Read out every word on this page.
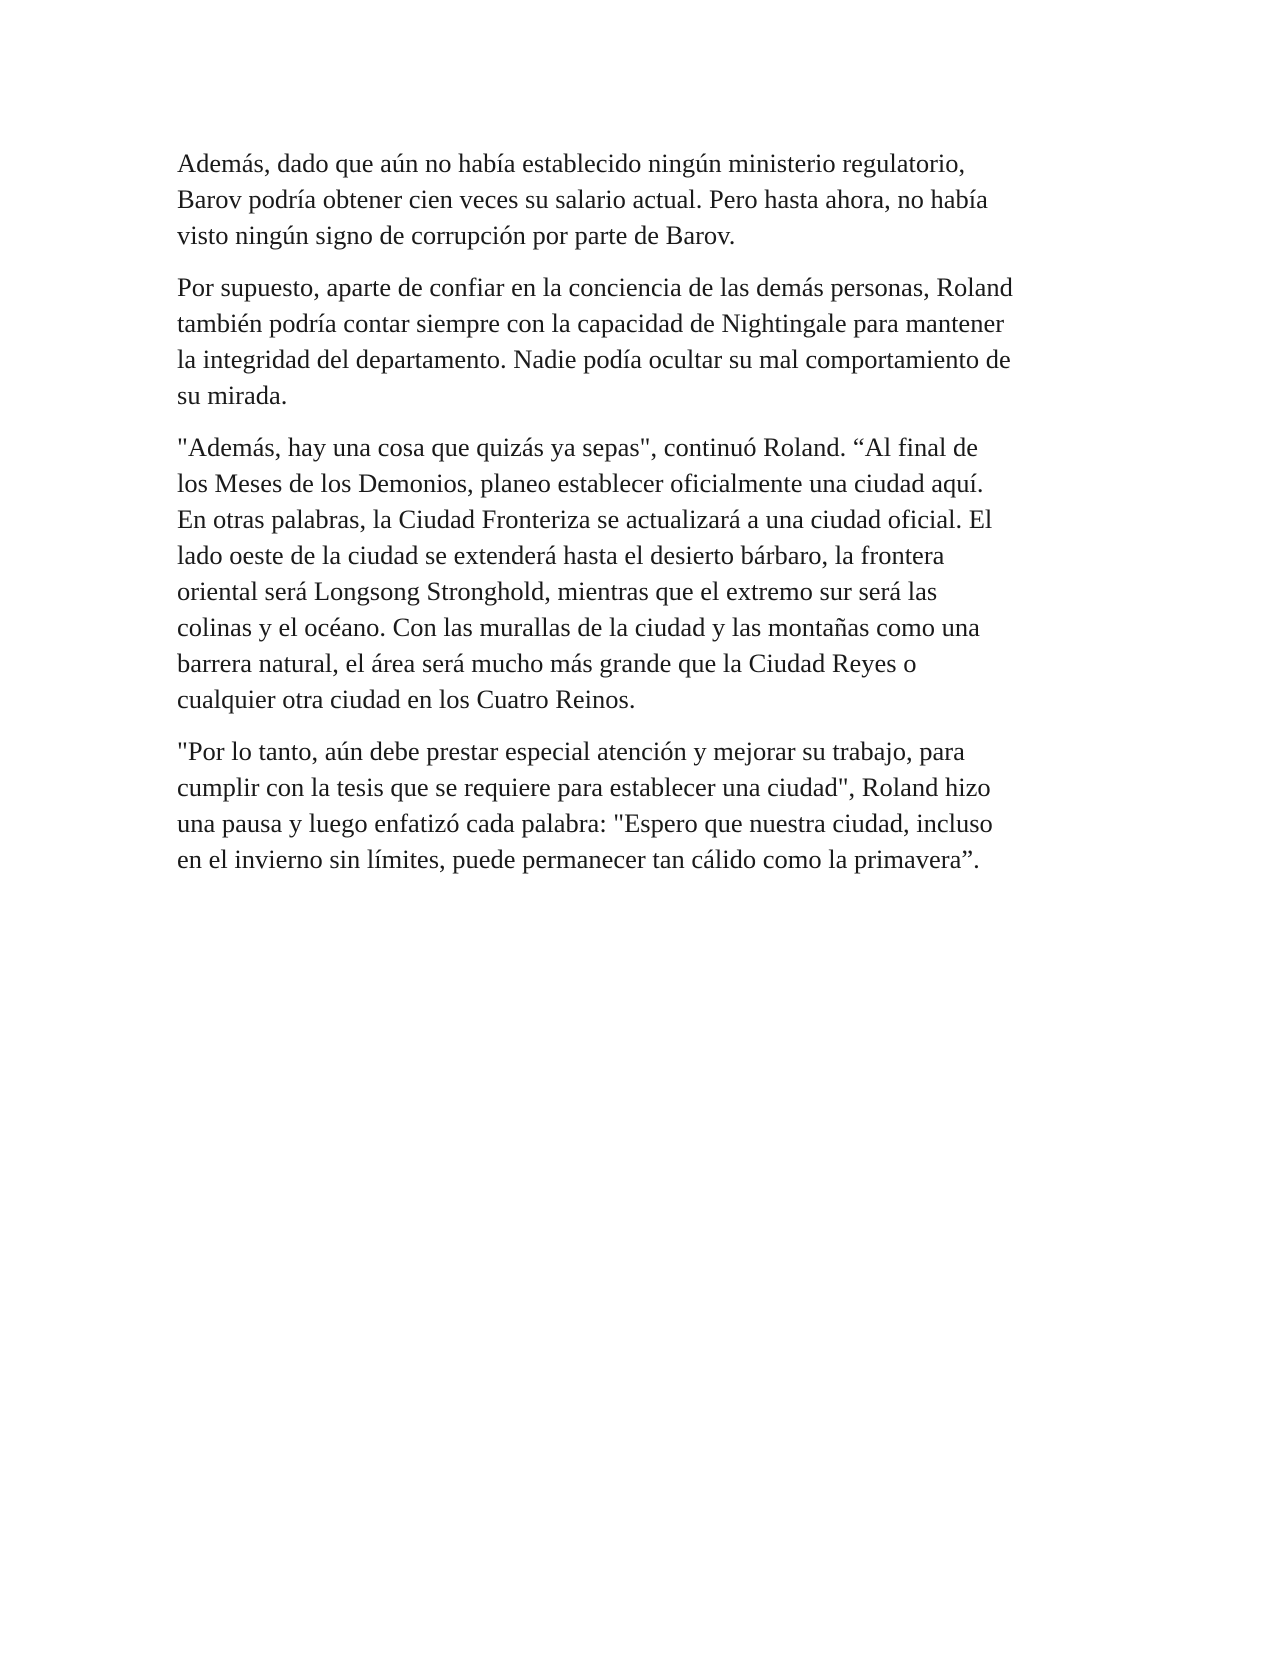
Además, dado que aún no había establecido ningún ministerio regulatorio,
Barov podría obtener cien veces su salario actual. Pero hasta ahora, no había
visto ningún signo de corrupción por parte de Barov.

Por supuesto, aparte de confiar en la conciencia de las demás personas, Roland
también podría contar siempre con la capacidad de Nightingale para mantener
la integridad del departamento. Nadie podía ocultar su mal comportamiento de
su mirada.

"Además, hay una cosa que quizás ya sepas", continuó Roland. “Al final de
los Meses de los Demonios, planeo establecer oficialmente una ciudad aquí.
En otras palabras, la Ciudad Fronteriza se actualizará a una ciudad oficial. El
lado oeste de la ciudad se extenderá hasta el desierto bárbaro, la frontera
oriental será Longsong Stronghold, mientras que el extremo sur será las
colinas y el océano. Con las murallas de la ciudad y las montañas como una
barrera natural, el área será mucho más grande que la Ciudad Reyes o
cualquier otra ciudad en los Cuatro Reinos.

"Por lo tanto, aún debe prestar especial atención y mejorar su trabajo, para
cumplir con la tesis que se requiere para establecer una ciudad", Roland hizo
una pausa y luego enfatizó cada palabra: "Espero que nuestra ciudad, incluso
en el invierno sin límites, puede permanecer tan cálido como la primavera”.
